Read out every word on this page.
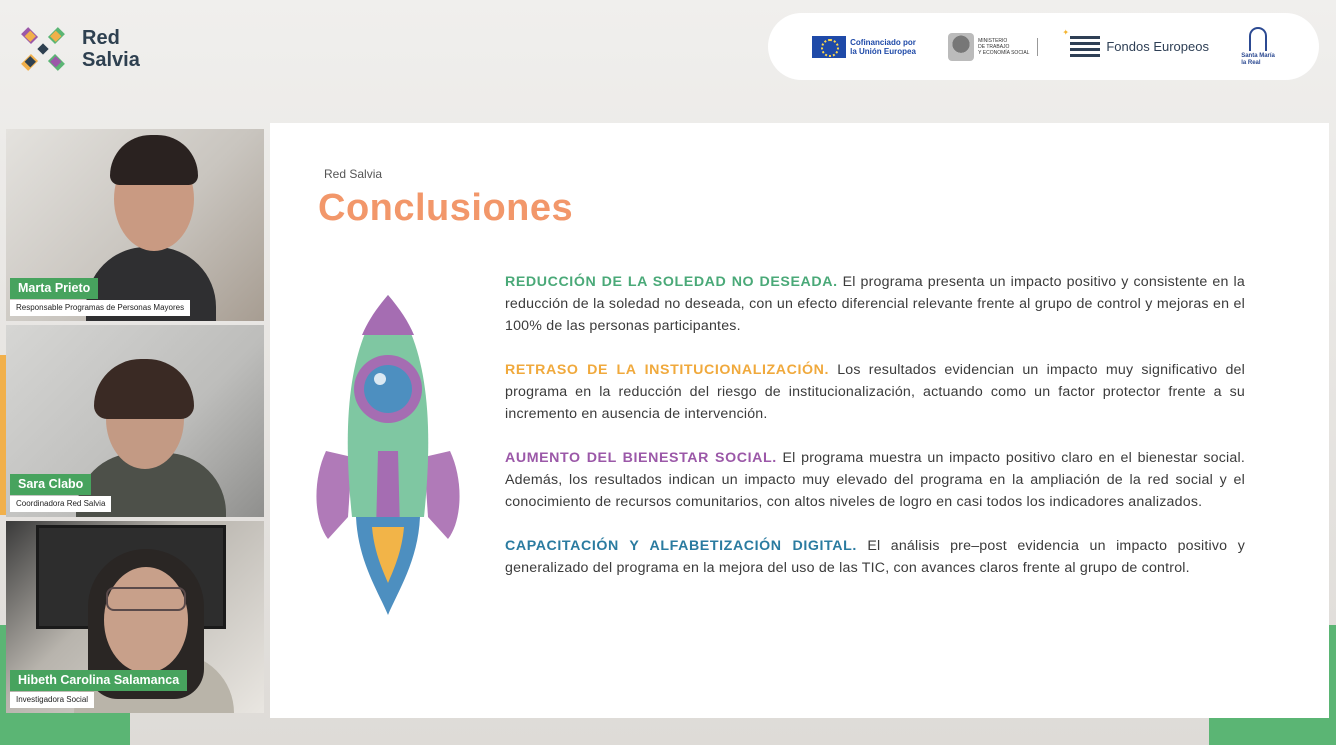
Red
Salvia
Cofinanciado por
la Unión Europea
MINISTERIO
DE TRABAJO
Y ECONOMÍA SOCIAL
✦	Fondos Europeos
Santa María
la Real
Marta Prieto
Responsable Programas de Personas Mayores
Sara Clabo
Coordinadora Red Salvia
Hibeth Carolina Salamanca
Investigadora Social
Red Salvia
Conclusiones

REDUCCIÓN DE LA SOLEDAD NO DESEADA. El programa presenta un impacto positivo y consistente en la reducción de la soledad no deseada, con un efecto diferencial relevante frente al grupo de control y mejoras en el 100% de las personas participantes.

RETRASO DE LA INSTITUCIONALIZACIÓN. Los resultados evidencian un impacto muy significativo del programa en la reducción del riesgo de institucionalización, actuando como un factor protector frente a su incremento en ausencia de intervención.

AUMENTO DEL BIENESTAR SOCIAL. El programa muestra un impacto positivo claro en el bienestar social. Además, los resultados indican un impacto muy elevado del programa en la ampliación de la red social y el conocimiento de recursos comunitarios, con altos niveles de logro en casi todos los indicadores analizados.

CAPACITACIÓN Y ALFABETIZACIÓN DIGITAL. El análisis pre–post evidencia un impacto positivo y generalizado del programa en la mejora del uso de las TIC, con avances claros frente al grupo de control.
